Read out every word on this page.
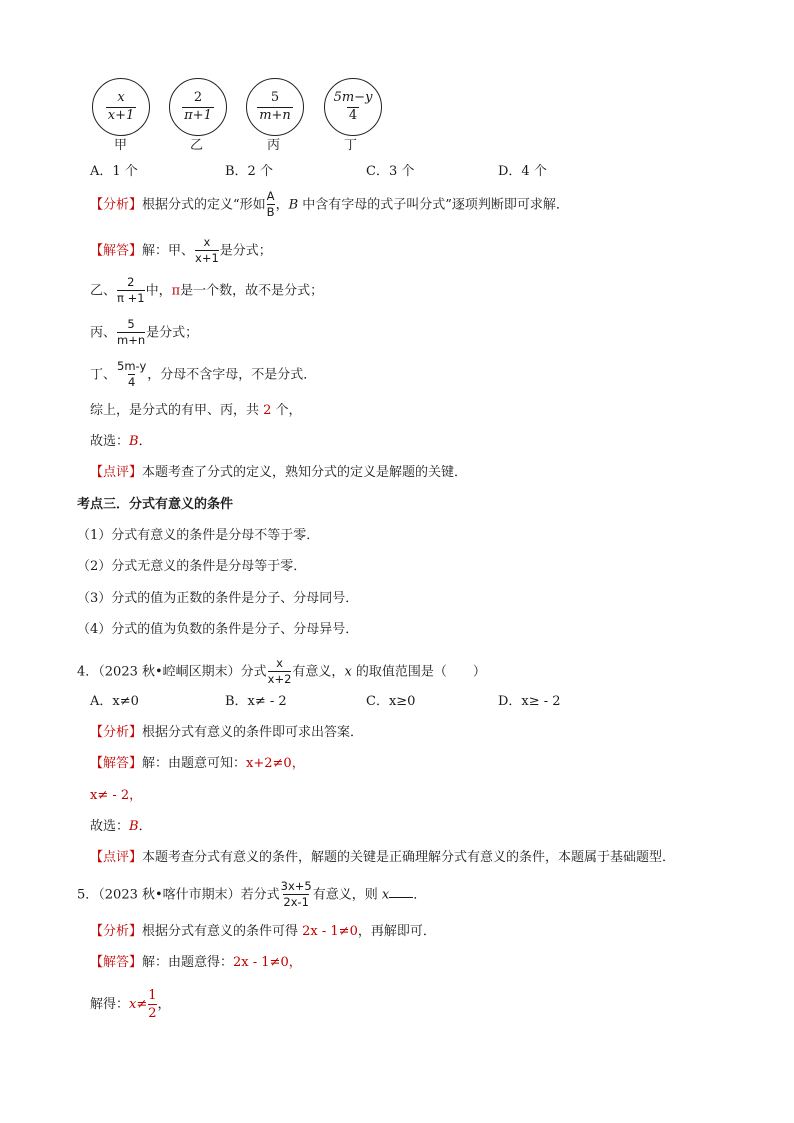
$\frac{x}{x+1}$	$\frac{2}{\pi+1}$	$\frac{5}{m+n}$	$\frac{5m-y}{4}$
甲	乙	丙	丁
A．1 个	B．2 个	C．3 个	D．4 个
【分析】根据分式的定义“形如 $\frac{A}{B}$ ，B 中含有字母的式子叫分式”逐项判断即可求解．
【解答】解：甲、 $\frac{x}{x+1}$ 是分式；
乙、 $\frac{2}{\pi +1}$ 中，π是一个数，故不是分式；
丙、 $\frac{5}{m+n}$ 是分式；
丁、 $\frac{5m-y}{4}$ ，分母不含字母，不是分式．
综上，是分式的有甲、丙，共 2 个，
故选：B．
【点评】本题考查了分式的定义，熟知分式的定义是解题的关键．
考点三．分式有意义的条件
（1）分式有意义的条件是分母不等于零．
（2）分式无意义的条件是分母等于零．
（3）分式的值为正数的条件是分子、分母同号．
（4）分式的值为负数的条件是分子、分母异号．
4．（2023 秋•崆峒区期末）分式 $\frac{x}{x+2}$ 有意义，x 的取值范围是（　　）
A．x≠0	B．x≠ - 2	C．x≥0	D．x≥ - 2
【分析】根据分式有意义的条件即可求出答案．
【解答】解：由题意可知：x+2≠0，
x≠ - 2，
故选：B．
【点评】本题考查分式有意义的条件，解题的关键是正确理解分式有意义的条件，本题属于基础题型．
5．（2023 秋•喀什市期末）若分式 $\frac{3x+5}{2x-1}$ 有意义，则 x ．
【分析】根据分式有意义的条件可得 2x - 1≠0，再解即可．
【解答】解：由题意得：2x - 1≠0，
解得：$x\ne \frac{1}{2}$ ，
